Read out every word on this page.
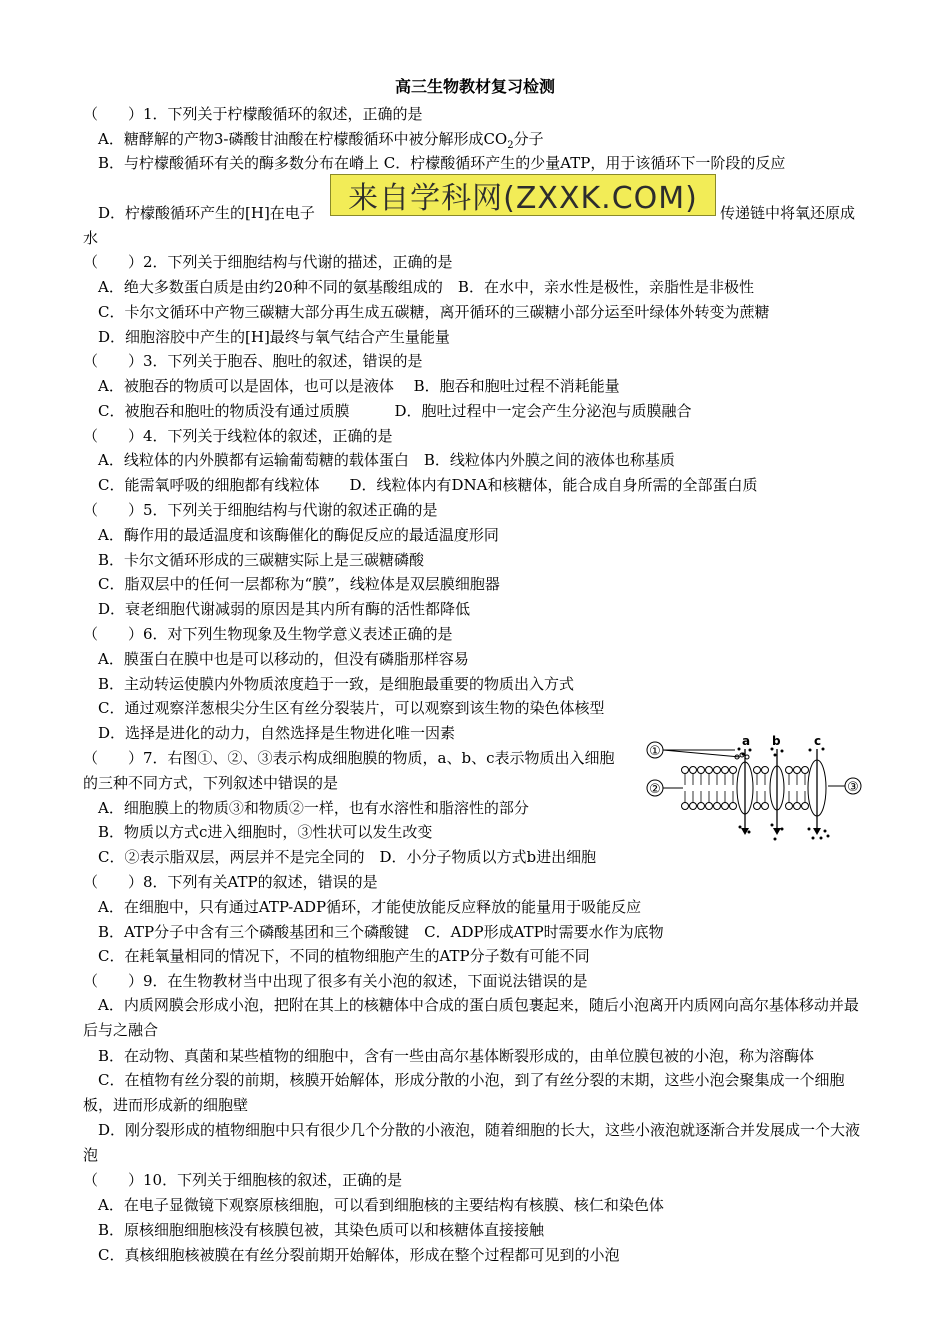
高三生物教材复习检测
（　　）1．下列关于柠檬酸循环的叙述，正确的是
A．糖酵解的产物3-磷酸甘油酸在柠檬酸循环中被分解形成$CO_2$分子
B．与柠檬酸循环有关的酶多数分布在嵴上 C．柠檬酸循环产生的少量ATP，用于该循环下一阶段的反应
D．柠檬酸循环产生的[H]在电子	来自学科网(ZXXK.COM)	传递链中将氧还原成
水
（　　）2．下列关于细胞结构与代谢的描述，正确的是
A．绝大多数蛋白质是由约20种不同的氨基酸组成的　B．在水中，亲水性是极性，亲脂性是非极性
C．卡尔文循环中产物三碳糖大部分再生成五碳糖，离开循环的三碳糖小部分运至叶绿体外转变为蔗糖
D．细胞溶胶中产生的[H]最终与氧气结合产生量能量
（　　）3．下列关于胞吞、胞吐的叙述，错误的是
A．被胞吞的物质可以是固体，也可以是液体　 B．胞吞和胞吐过程不消耗能量
C．被胞吞和胞吐的物质没有通过质膜　　　D．胞吐过程中一定会产生分泌泡与质膜融合
（　　）4．下列关于线粒体的叙述，正确的是
A．线粒体的内外膜都有运输葡萄糖的载体蛋白　B．线粒体内外膜之间的液体也称基质
C．能需氧呼吸的细胞都有线粒体　　D．线粒体内有DNA和核糖体，能合成自身所需的全部蛋白质
（　　）5．下列关于细胞结构与代谢的叙述正确的是
A．酶作用的最适温度和该酶催化的酶促反应的最适温度形同
B．卡尔文循环形成的三碳糖实际上是三碳糖磷酸
C．脂双层中的任何一层都称为“膜”，线粒体是双层膜细胞器
D．衰老细胞代谢减弱的原因是其内所有酶的活性都降低
（　　）6．对下列生物现象及生物学意义表述正确的是
A．膜蛋白在膜中也是可以移动的，但没有磷脂那样容易
B．主动转运使膜内外物质浓度趋于一致，是细胞最重要的物质出入方式
C．通过观察洋葱根尖分生区有丝分裂装片，可以观察到该生物的染色体核型
D．选择是进化的动力，自然选择是生物进化唯一因素
（　　）7．右图①、②、③表示构成细胞膜的物质，a、b、c表示物质出入细胞
的三种不同方式，下列叙述中错误的是
A．细胞膜上的物质③和物质②一样，也有水溶性和脂溶性的部分
B．物质以方式c进入细胞时，③性状可以发生改变
C．②表示脂双层，两层并不是完全同的　D．小分子物质以方式b进出细胞
①
②	③
a b	c
（　　）8．下列有关ATP的叙述，错误的是
A．在细胞中，只有通过ATP-ADP循环，才能使放能反应释放的能量用于吸能反应
B．ATP分子中含有三个磷酸基团和三个磷酸键　C．ADP形成ATP时需要水作为底物
C．在耗氧量相同的情况下，不同的植物细胞产生的ATP分子数有可能不同
（　　）9．在生物教材当中出现了很多有关小泡的叙述，下面说法错误的是
A．内质网膜会形成小泡，把附在其上的核糖体中合成的蛋白质包裹起来，随后小泡离开内质网向高尔基体移动并最后与之融合
B．在动物、真菌和某些植物的细胞中，含有一些由高尔基体断裂形成的，由单位膜包被的小泡，称为溶酶体
C．在植物有丝分裂的前期，核膜开始解体，形成分散的小泡，到了有丝分裂的末期，这些小泡会聚集成一个细胞板，进而形成新的细胞壁
D．刚分裂形成的植物细胞中只有很少几个分散的小液泡，随着细胞的长大，这些小液泡就逐渐合并发展成一个大液泡
（　　）10．下列关于细胞核的叙述，正确的是
A．在电子显微镜下观察原核细胞，可以看到细胞核的主要结构有核膜、核仁和染色体
B．原核细胞细胞核没有核膜包被，其染色质可以和核糖体直接接触
C．真核细胞核被膜在有丝分裂前期开始解体，形成在整个过程都可见到的小泡
